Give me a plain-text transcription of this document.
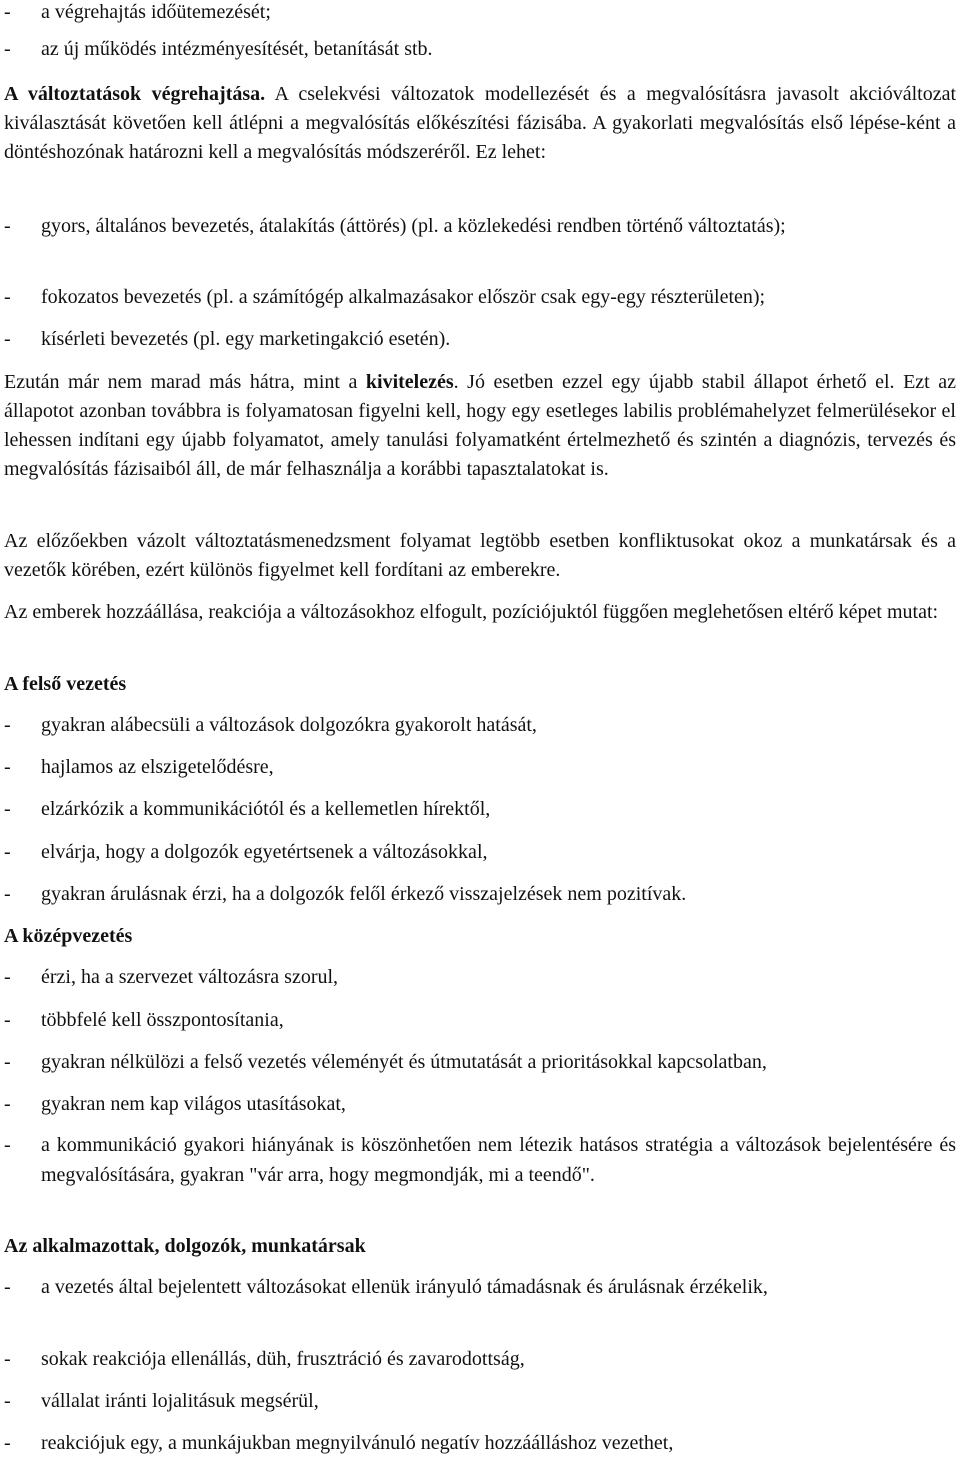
- a végrehajtás időütemezését;
- az új működés intézményesítését, betanítását stb.
A változtatások végrehajtása. A cselekvési változatok modellezését és a megvalósításra javasolt akcióváltozat kiválasztását követően kell átlépni a megvalósítás előkészítési fázisába. A gyakorlati megvalósítás első lépése-ként a döntéshozónak határozni kell a megvalósítás módszeréről. Ez lehet:
- gyors, általános bevezetés, átalakítás (áttörés) (pl. a közlekedési rendben történő változtatás);
- fokozatos bevezetés (pl. a számítógép alkalmazásakor először csak egy-egy részterületen);
- kísérleti bevezetés (pl. egy marketingakció esetén).
Ezután már nem marad más hátra, mint a kivitelezés. Jó esetben ezzel egy újabb stabil állapot érhető el. Ezt az állapotot azonban továbbra is folyamatosan figyelni kell, hogy egy esetleges labilis problémahelyzet felmerülésekor el lehessen indítani egy újabb folyamatot, amely tanulási folyamatként értelmezhető és szintén a diagnózis, tervezés és megvalósítás fázisaiból áll, de már felhasználja a korábbi tapasztalatokat is.
Az előzőekben vázolt változtatásmenedzsment folyamat legtöbb esetben konfliktusokat okoz a munkatársak és a vezetők körében, ezért különös figyelmet kell fordítani az emberekre.
Az emberek hozzáállása, reakciója a változásokhoz elfogult, pozíciójuktól függően meglehetősen eltérő képet mutat:
A felső vezetés
- gyakran alábecsüli a változások dolgozókra gyakorolt hatását,
- hajlamos az elszigetelődésre,
- elzárkózik a kommunikációtól és a kellemetlen hírektől,
- elvárja, hogy a dolgozók egyetértsenek a változásokkal,
- gyakran árulásnak érzi, ha a dolgozók felől érkező visszajelzések nem pozitívak.
A középvezetés
- érzi, ha a szervezet változásra szorul,
- többfelé kell összpontosítania,
- gyakran nélkülözi a felső vezetés véleményét és útmutatását a prioritásokkal kapcsolatban,
- gyakran nem kap világos utasításokat,
- a kommunikáció gyakori hiányának is köszönhetően nem létezik hatásos stratégia a változások bejelentésére és megvalósítására, gyakran "vár arra, hogy megmondják, mi a teendő".
Az alkalmazottak, dolgozók, munkatársak
- a vezetés által bejelentett változásokat ellenük irányuló támadásnak és árulásnak érzékelik,
- sokak reakciója ellenállás, düh, frusztráció és zavarodottság,
- vállalat iránti lojalitásuk megsérül,
- reakciójuk egy, a munkájukban megnyilvánuló negatív hozzáálláshoz vezethet,
